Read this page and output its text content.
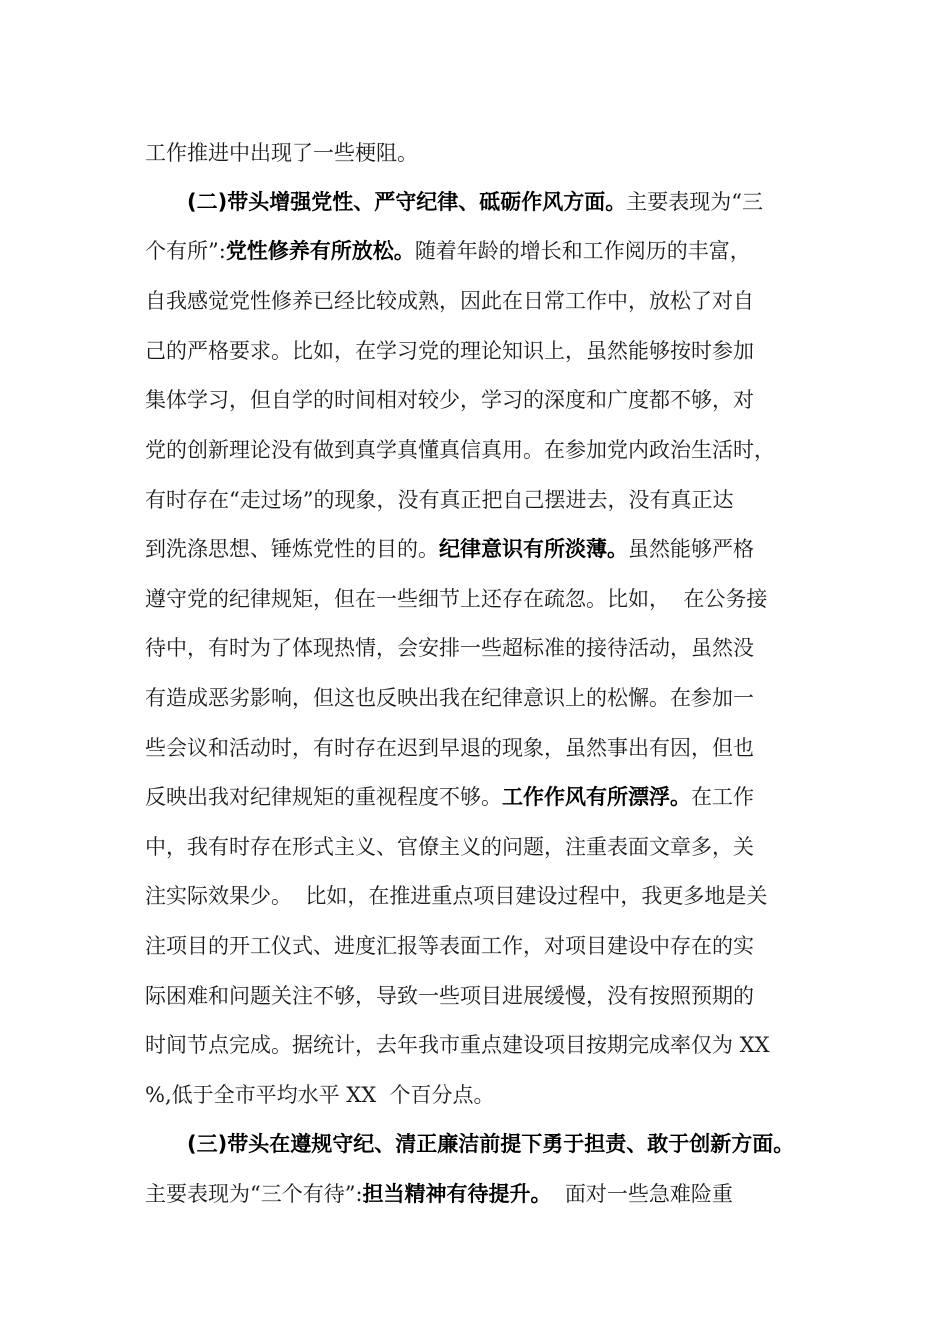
工作推进中出现了一些梗阻。
(二)带头增强党性、严守纪律、砥砺作风方面。主要表现为“三
个有所”:党性修养有所放松。随着年龄的增长和工作阅历的丰富，
自我感觉党性修养已经比较成熟，因此在日常工作中，放松了对自
己的严格要求。比如，在学习党的理论知识上，虽然能够按时参加
集体学习，但自学的时间相对较少，学习的深度和广度都不够，对
党的创新理论没有做到真学真懂真信真用。在参加党内政治生活时，
有时存在“走过场”的现象，没有真正把自己摆进去，没有真正达
到洗涤思想、锤炼党性的目的。纪律意识有所淡薄。虽然能够严格
遵守党的纪律规矩，但在一些细节上还存在疏忽。比如，  在公务接
待中，有时为了体现热情，会安排一些超标准的接待活动，虽然没
有造成恶劣影响，但这也反映出我在纪律意识上的松懈。在参加一
些会议和活动时，有时存在迟到早退的现象，虽然事出有因，但也
反映出我对纪律规矩的重视程度不够。工作作风有所漂浮。在工作
中，我有时存在形式主义、官僚主义的问题，注重表面文章多，关
注实际效果少。  比如，在推进重点项目建设过程中，我更多地是关
注项目的开工仪式、进度汇报等表面工作，对项目建设中存在的实
际困难和问题关注不够，导致一些项目进展缓慢，没有按照预期的
时间节点完成。据统计，去年我市重点建设项目按期完成率仅为 XX
%,低于全市平均水平 XX  个百分点。
(三)带头在遵规守纪、清正廉洁前提下勇于担责、敢于创新方面。
主要表现为“三个有待”:担当精神有待提升。  面对一些急难险重
